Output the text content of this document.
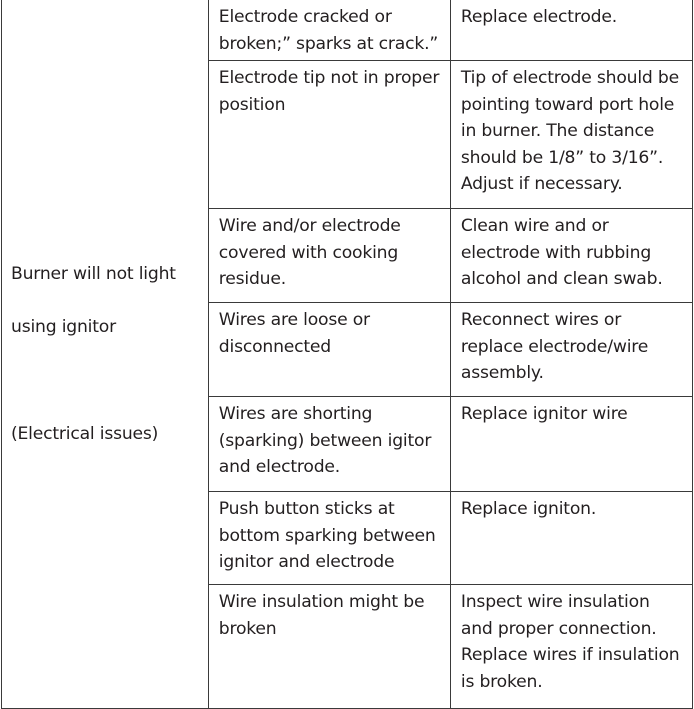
Burner will not light

using ignitor

(Electrical issues)	Electrode cracked or
broken;” sparks at crack.”	Replace electrode.
	Electrode tip not in proper
position	Tip of electrode should be
pointing toward port hole
in burner. The distance
should be 1/8” to 3/16”.
Adjust if necessary.
	Wire and/or electrode
covered with cooking
residue.	Clean wire and or
electrode with rubbing
alcohol and clean swab.
	Wires are loose or
disconnected	Reconnect wires or
replace electrode/wire
assembly.
	Wires are shorting
(sparking) between igitor
and electrode.	Replace ignitor wire
	Push button sticks at
bottom sparking between
ignitor and electrode	Replace igniton.
	Wire insulation might be
broken	Inspect wire insulation
and proper connection.
Replace wires if insulation
is broken.
